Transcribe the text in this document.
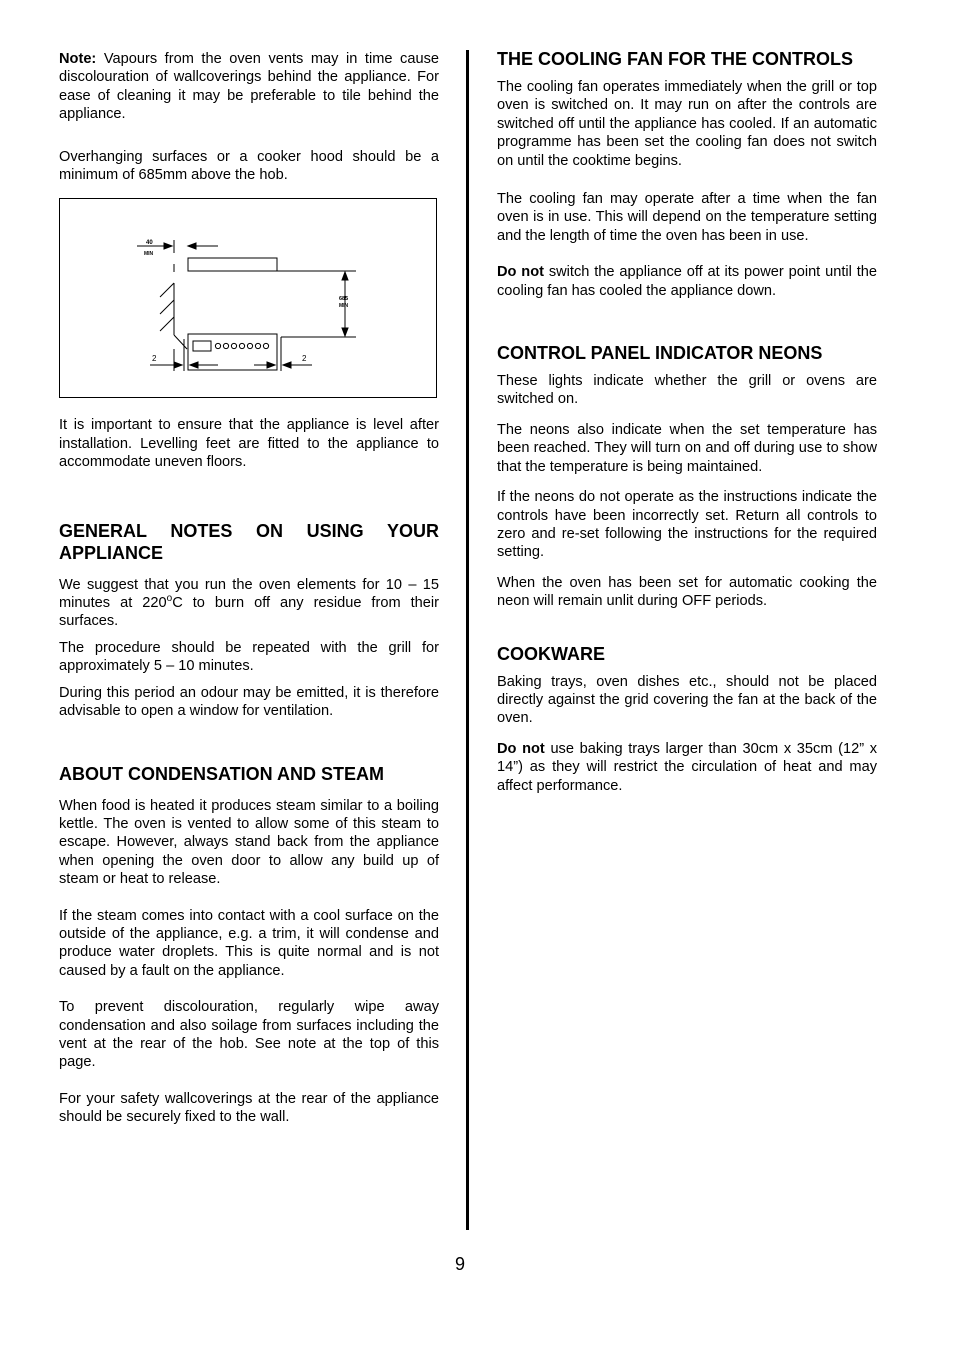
Note: Vapours from the oven vents may in time cause discolouration of wallcoverings behind the appliance. For ease of cleaning it may be preferable to tile behind the appliance.

Overhanging surfaces or a cooker hood should be a minimum of 685mm above the hob.

40
MIN
685
MIN
2	2

It is important to ensure that the appliance is level after installation. Levelling feet are fitted to the appliance to accommodate uneven floors.

GENERAL NOTES ON USING YOUR APPLIANCE

We suggest that you run the oven elements for 10 – 15 minutes at 220$^o$C to burn off any residue from their surfaces.

The procedure should be repeated with the grill for approximately 5 – 10 minutes.

During this period an odour may be emitted, it is therefore advisable to open a window for ventilation.

ABOUT CONDENSATION AND STEAM

When food is heated it produces steam similar to a boiling kettle. The oven is vented to allow some of this steam to escape. However, always stand back from the appliance when opening the oven door to allow any build up of steam or heat to release.

If the steam comes into contact with a cool surface on the outside of the appliance, e.g. a trim, it will condense and produce water droplets. This is quite normal and is not caused by a fault on the appliance.

To prevent discolouration, regularly wipe away condensation and also soilage from surfaces including the vent at the rear of the hob. See note at the top of this page.

For your safety wallcoverings at the rear of the appliance should be securely fixed to the wall.

THE COOLING FAN FOR THE CONTROLS

The cooling fan operates immediately when the grill or top oven is switched on. It may run on after the controls are switched off until the appliance has cooled. If an automatic programme has been set the cooling fan does not switch on until the cooktime begins.

The cooling fan may operate after a time when the fan oven is in use. This will depend on the temperature setting and the length of time the oven has been in use.

Do not switch the appliance off at its power point until the cooling fan has cooled the appliance down.

CONTROL PANEL INDICATOR NEONS

These lights indicate whether the grill or ovens are switched on.

The neons also indicate when the set temperature has been reached. They will turn on and off during use to show that the temperature is being maintained.

If the neons do not operate as the instructions indicate the controls have been incorrectly set. Return all controls to zero and re-set following the instructions for the required setting.

When the oven has been set for automatic cooking the neon will remain unlit during OFF periods.

COOKWARE

Baking trays, oven dishes etc., should not be placed directly against the grid covering the fan at the back of the oven.

Do not use baking trays larger than 30cm x 35cm (12” x 14”) as they will restrict the circulation of heat and may affect performance.

9
